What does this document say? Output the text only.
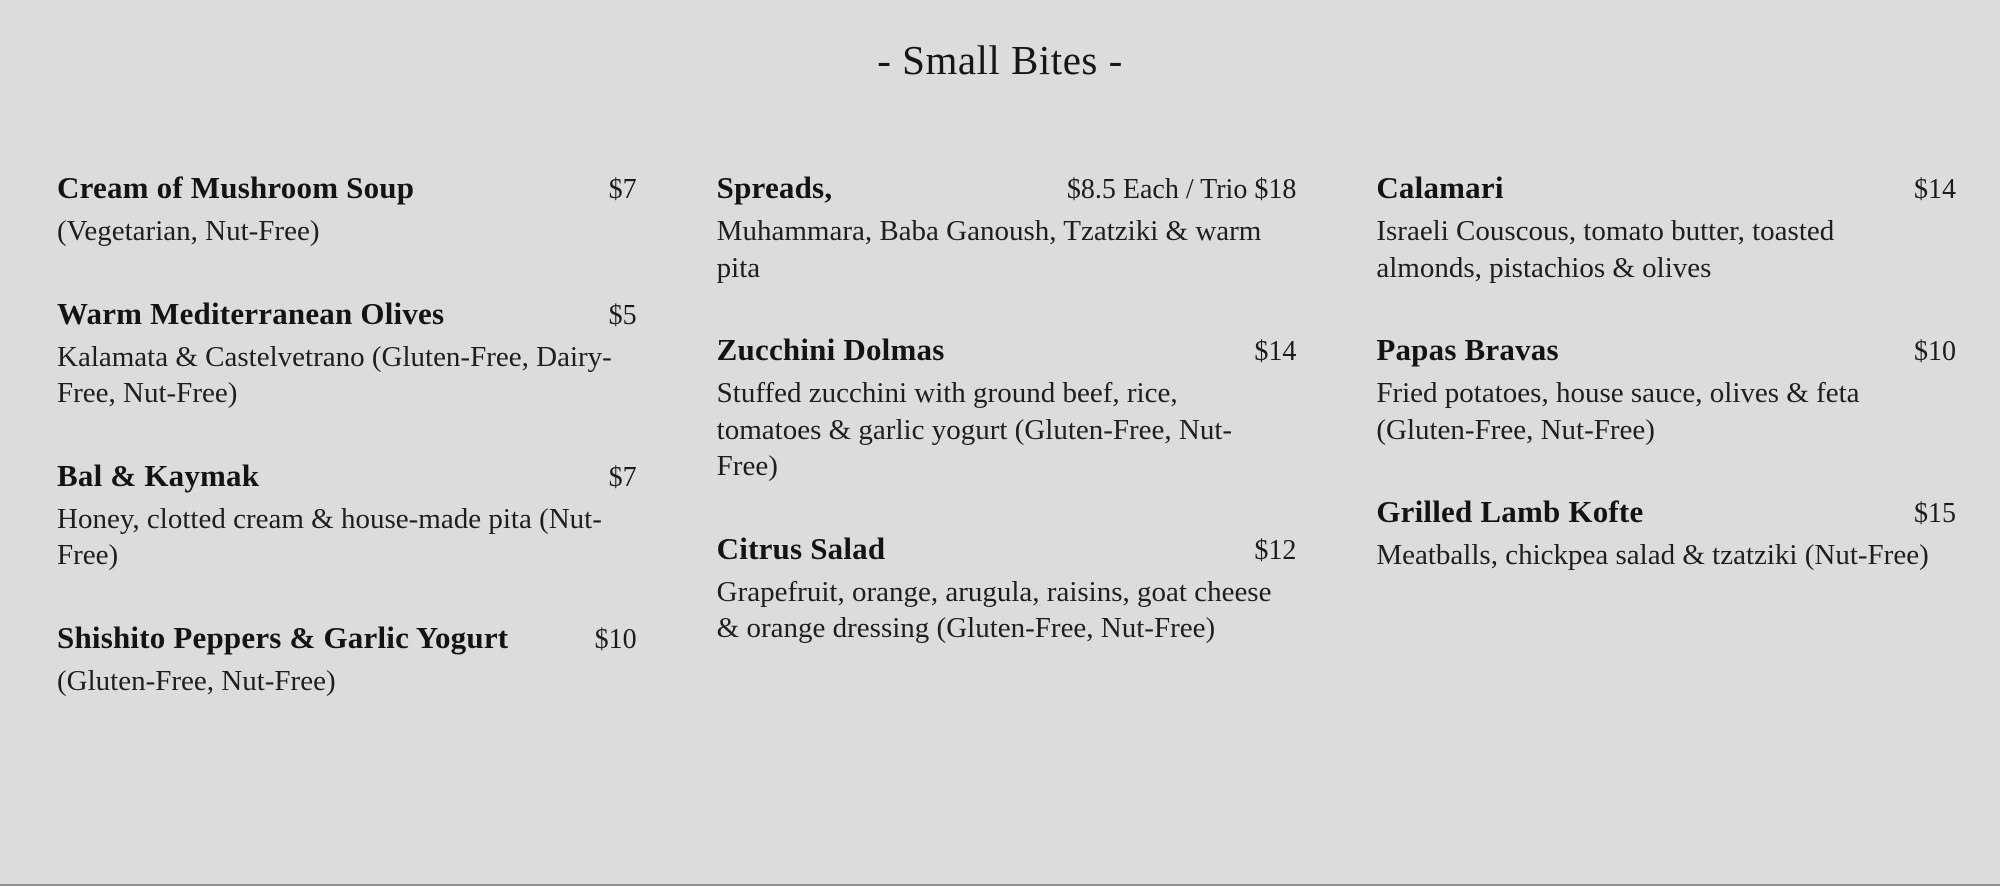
- Small Bites -
Cream of Mushroom Soup	$7

(Vegetarian, Nut-Free)

Warm Mediterranean Olives	$5

Kalamata & Castelvetrano (Gluten-Free, Dairy-Free, Nut-Free)

Bal & Kaymak	$7

Honey, clotted cream & house-made pita (Nut-Free)

Shishito Peppers & Garlic Yogurt	$10

(Gluten-Free, Nut-Free)

Spreads,	$8.5 Each / Trio $18

Muhammara, Baba Ganoush, Tzatziki & warm pita

Zucchini Dolmas	$14

Stuffed zucchini with ground beef, rice, tomatoes & garlic yogurt (Gluten-Free, Nut-Free)

Citrus Salad	$12

Grapefruit, orange, arugula, raisins, goat cheese & orange dressing (Gluten-Free, Nut-Free)

Calamari	$14

Israeli Couscous, tomato butter, toasted almonds, pistachios & olives

Papas Bravas	$10

Fried potatoes, house sauce, olives & feta (Gluten-Free, Nut-Free)

Grilled Lamb Kofte	$15

Meatballs, chickpea salad & tzatziki (Nut-Free)
